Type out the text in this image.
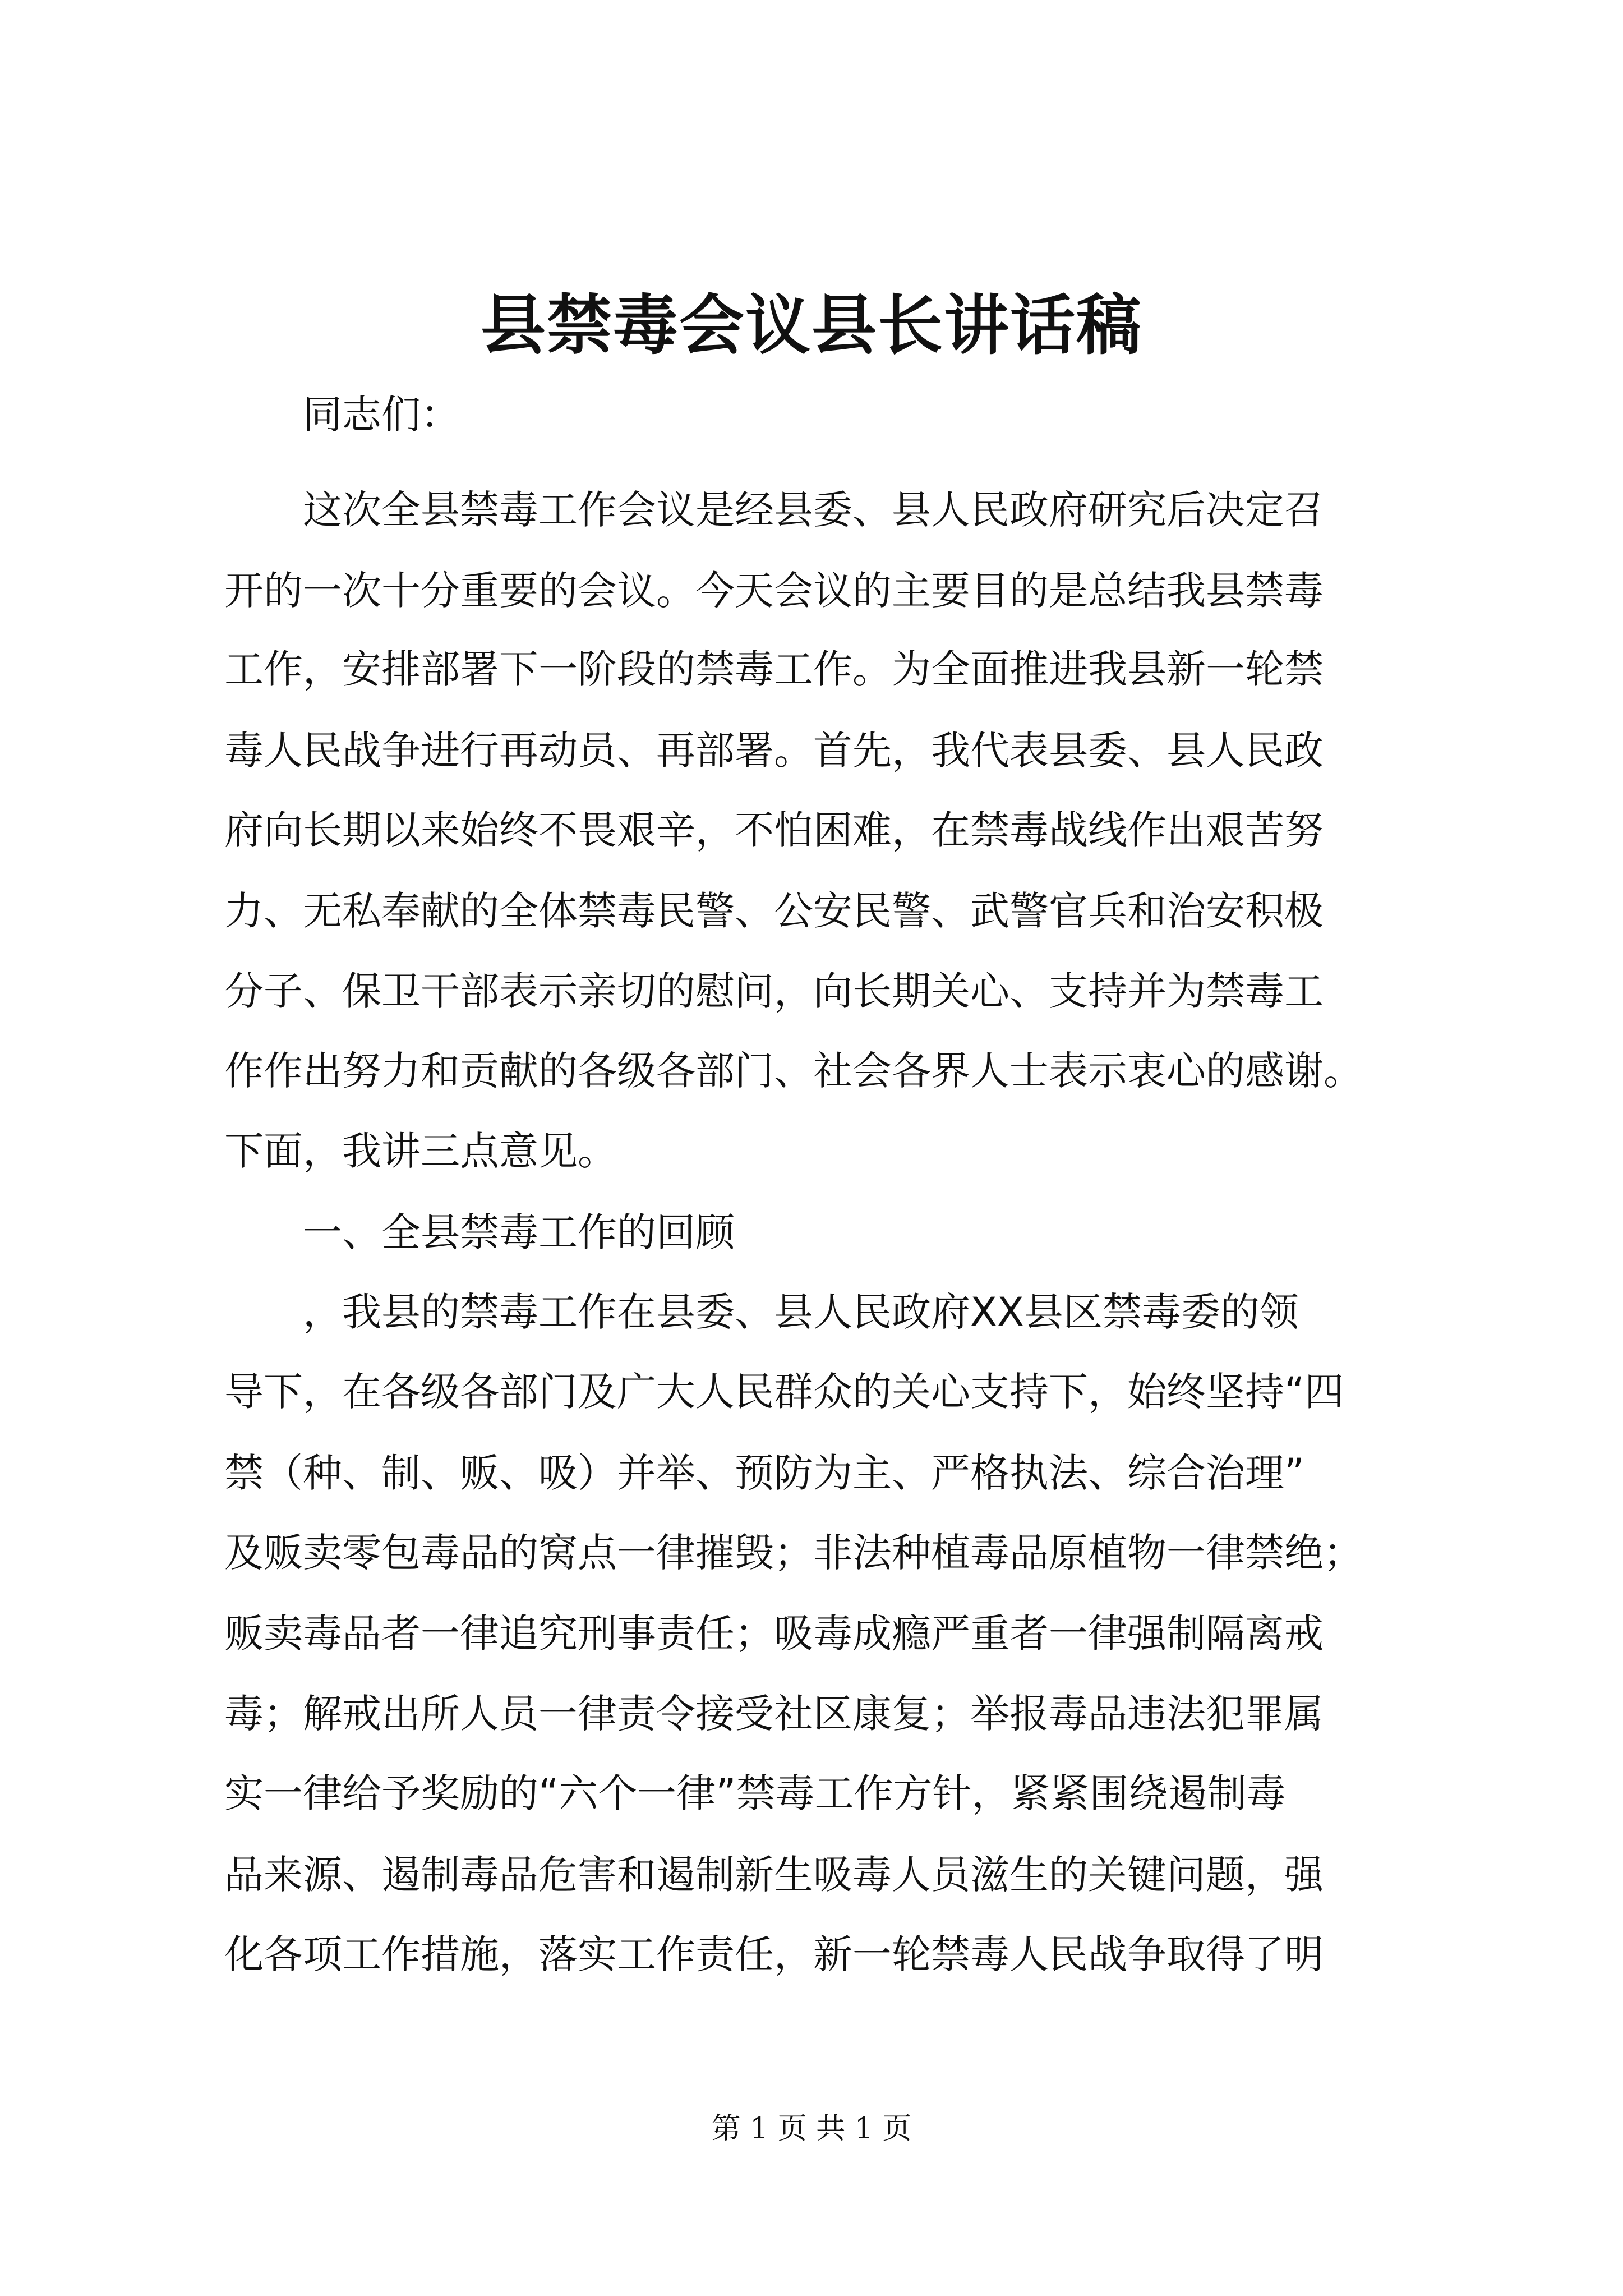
县禁毒会议县长讲话稿
同志们：
这次全县禁毒工作会议是经县委、县人民政府研究后决定召
开的一次十分重要的会议。今天会议的主要目的是总结我县禁毒
工作，安排部署下一阶段的禁毒工作。为全面推进我县新一轮禁
毒人民战争进行再动员、再部署。首先，我代表县委、县人民政
府向长期以来始终不畏艰辛，不怕困难，在禁毒战线作出艰苦努
力、无私奉献的全体禁毒民警、公安民警、武警官兵和治安积极
分子、保卫干部表示亲切的慰问，向长期关心、支持并为禁毒工
作作出努力和贡献的各级各部门、社会各界人士表示衷心的感谢。
下面，我讲三点意见。
一、全县禁毒工作的回顾
，我县的禁毒工作在县委、县人民政府XX县区禁毒委的领
导下，在各级各部门及广大人民群众的关心支持下，始终坚持“四
禁（种、制、贩、吸）并举、预防为主、严格执法、综合治理”
及贩卖零包毒品的窝点一律摧毁；非法种植毒品原植物一律禁绝；
贩卖毒品者一律追究刑事责任；吸毒成瘾严重者一律强制隔离戒
毒；解戒出所人员一律责令接受社区康复；举报毒品违法犯罪属
实一律给予奖励的“六个一律”禁毒工作方针，紧紧围绕遏制毒
品来源、遏制毒品危害和遏制新生吸毒人员滋生的关键问题，强
化各项工作措施，落实工作责任，新一轮禁毒人民战争取得了明
第 1 页 共 1 页
